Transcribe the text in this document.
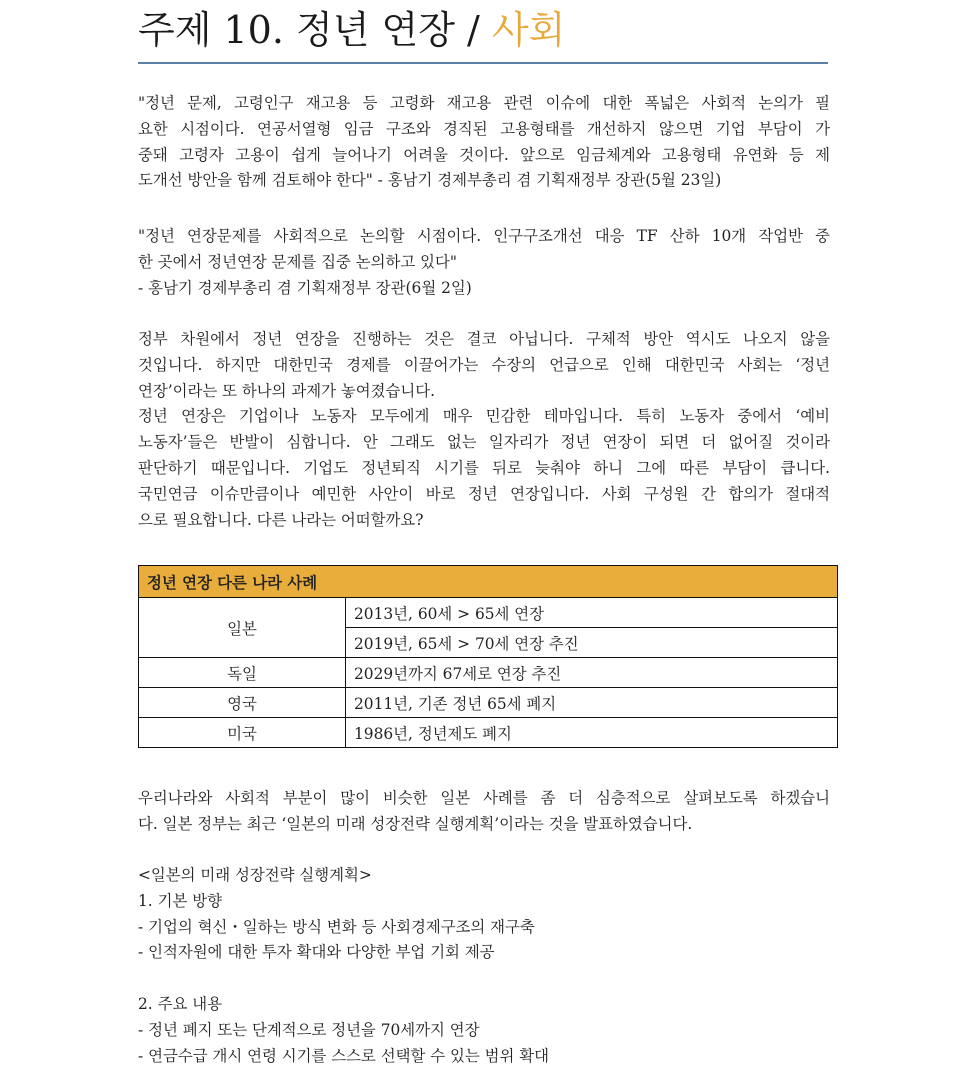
주제 10. 정년 연장 / 사회
"정년 문제, 고령인구 재고용 등 고령화 재고용 관련 이슈에 대한 폭넓은 사회적 논의가 필
요한 시점이다. 연공서열형 임금 구조와 경직된 고용형태를 개선하지 않으면 기업 부담이 가
중돼 고령자 고용이 쉽게 늘어나기 어려울 것이다. 앞으로 임금체계와 고용형태 유연화 등 제
도개선 방안을 함께 검토해야 한다" - 홍남기 경제부총리 겸 기획재정부 장관(5월 23일)
"정년 연장문제를 사회적으로 논의할 시점이다. 인구구조개선 대응 TF 산하 10개 작업반 중
한 곳에서 정년연장 문제를 집중 논의하고 있다"
- 홍남기 경제부총리 겸 기획재정부 장관(6월 2일)
정부 차원에서 정년 연장을 진행하는 것은 결코 아닙니다. 구체적 방안 역시도 나오지 않을
것입니다. 하지만 대한민국 경제를 이끌어가는 수장의 언급으로 인해 대한민국 사회는 ‘정년
연장’이라는 또 하나의 과제가 놓여졌습니다.
정년 연장은 기업이나 노동자 모두에게 매우 민감한 테마입니다. 특히 노동자 중에서 ‘예비
노동자’들은 반발이 심합니다. 안 그래도 없는 일자리가 정년 연장이 되면 더 없어질 것이라
판단하기 때문입니다. 기업도 정년퇴직 시기를 뒤로 늦춰야 하니 그에 따른 부담이 큽니다.
국민연금 이슈만큼이나 예민한 사안이 바로 정년 연장입니다. 사회 구성원 간 합의가 절대적
으로 필요합니다. 다른 나라는 어떠할까요?
정년 연장 다른 나라 사례	
일본	2013년, 60세 > 65세 연장
	2019년, 65세 > 70세 연장 추진
독일	2029년까지 67세로 연장 추진
영국	2011년, 기존 정년 65세 폐지
미국	1986년, 정년제도 폐지
우리나라와 사회적 부분이 많이 비슷한 일본 사례를 좀 더 심층적으로 살펴보도록 하겠습니
다. 일본 정부는 최근 ‘일본의 미래 성장전략 실행계획’이라는 것을 발표하였습니다.
<일본의 미래 성장전략 실행계획>
1. 기본 방향
- 기업의 혁신・일하는 방식 변화 등 사회경제구조의 재구축
- 인적자원에 대한 투자 확대와 다양한 부업 기회 제공
2. 주요 내용
- 정년 폐지 또는 단계적으로 정년을 70세까지 연장
- 연금수급 개시 연령 시기를 스스로 선택할 수 있는 범위 확대
